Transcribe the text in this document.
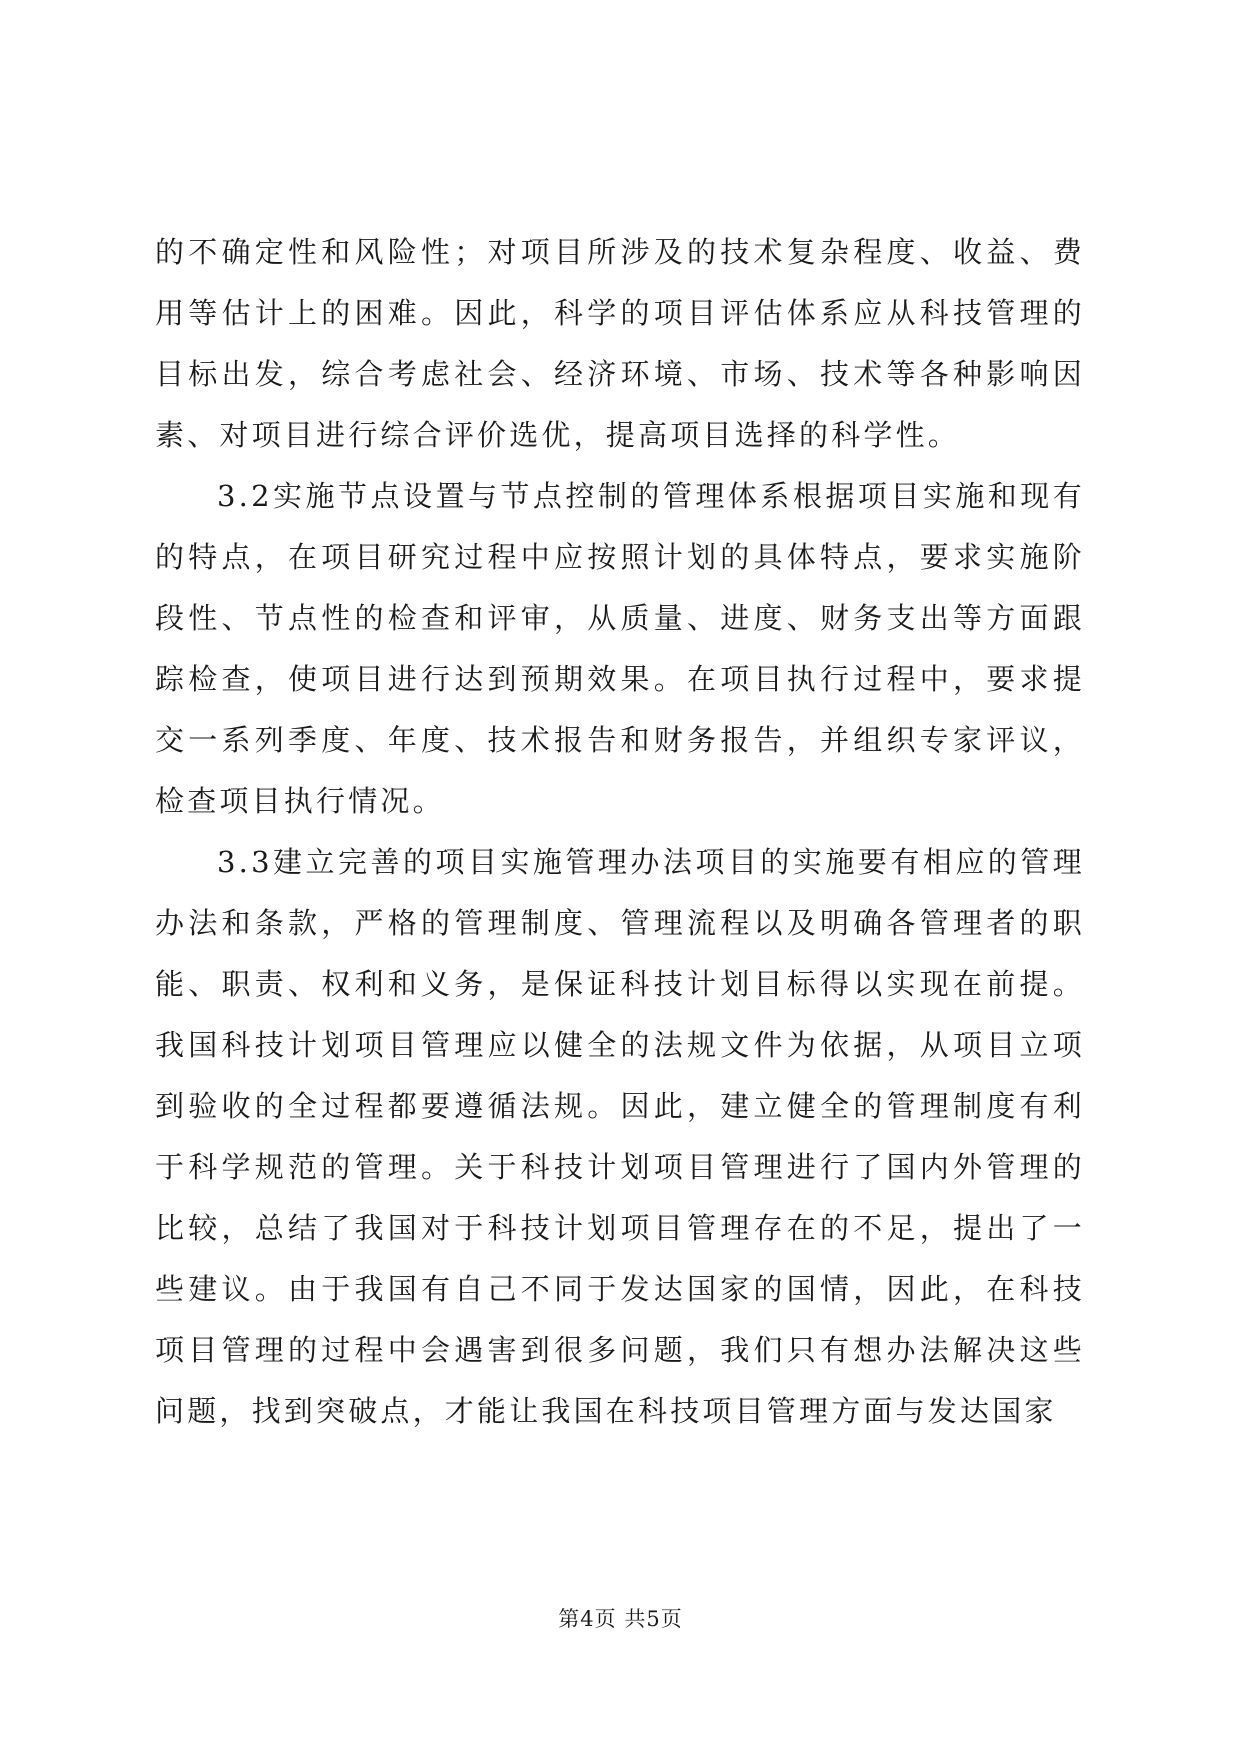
的不确定性和风险性；对项目所涉及的技术复杂程度、收益、费用等估计上的困难。因此，科学的项目评估体系应从科技管理的目标出发，综合考虑社会、经济环境、市场、技术等各种影响因素、对项目进行综合评价选优，提高项目选择的科学性。

3.2实施节点设置与节点控制的管理体系根据项目实施和现有的特点，在项目研究过程中应按照计划的具体特点，要求实施阶段性、节点性的检查和评审，从质量、进度、财务支出等方面跟踪检查，使项目进行达到预期效果。在项目执行过程中，要求提交一系列季度、年度、技术报告和财务报告，并组织专家评议，检查项目执行情况。

3.3建立完善的项目实施管理办法项目的实施要有相应的管理办法和条款，严格的管理制度、管理流程以及明确各管理者的职能、职责、权利和义务，是保证科技计划目标得以实现在前提。我国科技计划项目管理应以健全的法规文件为依据，从项目立项到验收的全过程都要遵循法规。因此，建立健全的管理制度有利于科学规范的管理。关于科技计划项目管理进行了国内外管理的比较，总结了我国对于科技计划项目管理存在的不足，提出了一些建议。由于我国有自己不同于发达国家的国情，因此，在科技项目管理的过程中会遇害到很多问题，我们只有想办法解决这些问题，找到突破点，才能让我国在科技项目管理方面与发达国家

第4页 共5页
